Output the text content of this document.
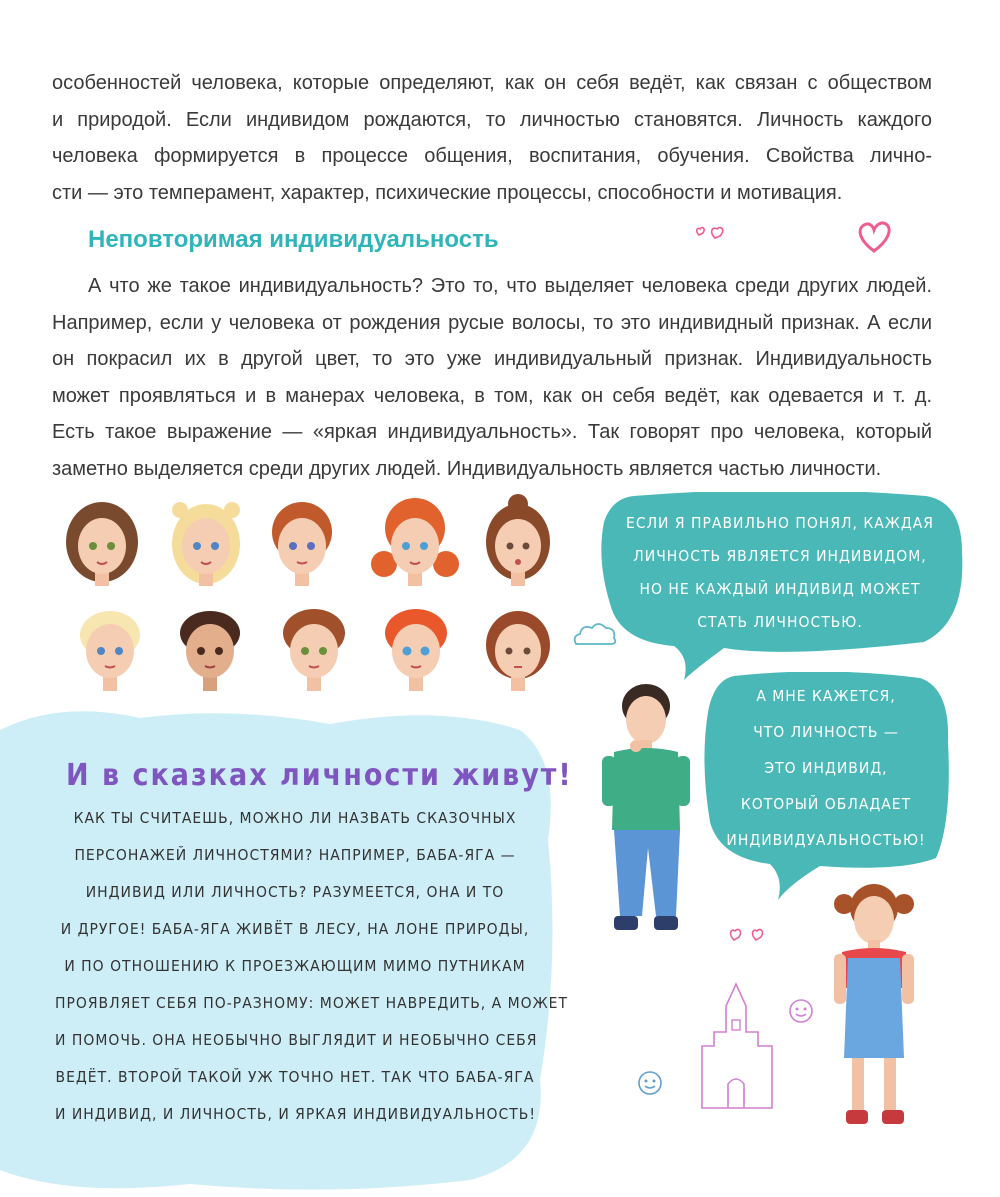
особенностей человека, которые определяют, как он себя ведёт, как связан с обществом
и природой. Если индивидом рождаются, то личностью становятся. Личность каждого
человека формируется в процессе общения, воспитания, обучения. Свойства лично-
сти — это темперамент, характер, психические процессы, способности и мотивация.
Неповторимая индивидуальность
А что же такое индивидуальность? Это то, что выделяет человека среди других людей.
Например, если у человека от рождения русые волосы, то это индивидный признак. А если
он покрасил их в другой цвет, то это уже индивидуальный признак. Индивидуальность
может проявляться и в манерах человека, в том, как он себя ведёт, как одевается и т. д.
Есть такое выражение — «яркая индивидуальность». Так говорят про человека, который
заметно выделяется среди других людей. Индивидуальность является частью личности.
И в сказках личности живут!
КАК ТЫ СЧИТАЕШЬ, МОЖНО ЛИ НАЗВАТЬ СКАЗОЧНЫХ
ПЕРСОНАЖЕЙ ЛИЧНОСТЯМИ? НАПРИМЕР, БАБА-ЯГА —
ИНДИВИД ИЛИ ЛИЧНОСТЬ? РАЗУМЕЕТСЯ, ОНА И ТО
И ДРУГОЕ! БАБА-ЯГА ЖИВЁТ В ЛЕСУ, НА ЛОНЕ ПРИРОДЫ,
И ПО ОТНОШЕНИЮ К ПРОЕЗЖАЮЩИМ МИМО ПУТНИКАМ
ПРОЯВЛЯЕТ СЕБЯ ПО-РАЗНОМУ: МОЖЕТ НАВРЕДИТЬ, А МОЖЕТ
И ПОМОЧЬ. ОНА НЕОБЫЧНО ВЫГЛЯДИТ И НЕОБЫЧНО СЕБЯ
ВЕДЁТ. ВТОРОЙ ТАКОЙ УЖ ТОЧНО НЕТ. ТАК ЧТО БАБА-ЯГА
И ИНДИВИД, И ЛИЧНОСТЬ, И ЯРКАЯ ИНДИВИДУАЛЬНОСТЬ!
ЕСЛИ Я ПРАВИЛЬНО ПОНЯЛ, КАЖДАЯ
ЛИЧНОСТЬ ЯВЛЯЕТСЯ ИНДИВИДОМ,
НО НЕ КАЖДЫЙ ИНДИВИД МОЖЕТ
СТАТЬ ЛИЧНОСТЬЮ.
А МНЕ КАЖЕТСЯ,
ЧТО ЛИЧНОСТЬ —
ЭТО ИНДИВИД,
КОТОРЫЙ ОБЛАДАЕТ
ИНДИВИДУАЛЬНОСТЬЮ!
